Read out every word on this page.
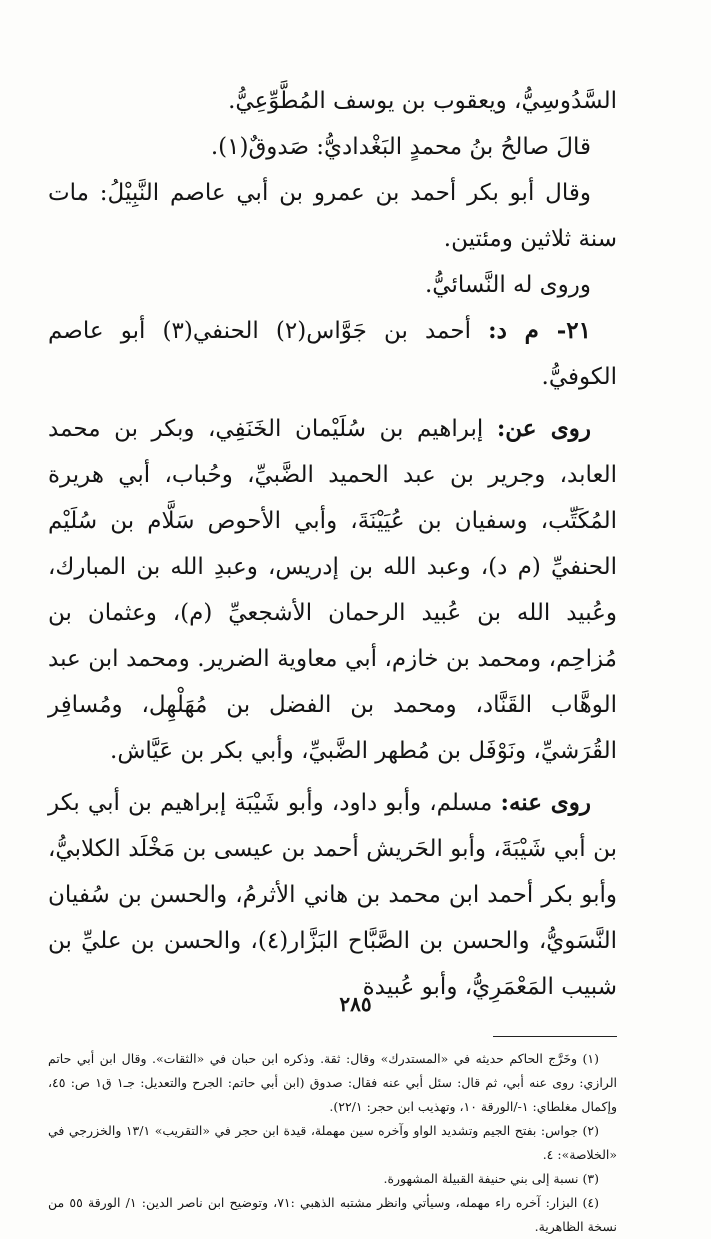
السَّدُوسِيُّ، ويعقوب بن يوسف المُطَّوِّعِيُّ.

قالَ صالحُ بنُ محمدٍ البَغْداديُّ: صَدوقٌ(١).

وقال أبو بكر أحمد بن عمرو بن أبي عاصم النَّبِيْلُ: مات سنة ثلاثين ومئتين.

وروى له النَّسائيُّ.

٢١- م د: أحمد بن جَوَّاس(٢) الحنفي(٣) أبو عاصم الكوفيُّ.

روى عن: إبراهيم بن سُلَيْمان الخَنَفِي، وبكر بن محمد العابد، وجرير بن عبد الحميد الضَّبيِّ، وحُباب، أبي هريرة المُكَتِّب، وسفيان بن عُيَيْنَةَ، وأبي الأحوص سَلَّام بن سُلَيْم الحنفيِّ (م د)، وعبد الله بن إدريس، وعبدِ الله بن المبارك، وعُبيد الله بن عُبيد الرحمان الأشجعيِّ (م)، وعثمان بن مُزاحِم، ومحمد بن خازم، أبي معاوية الضرير. ومحمد ابن عبد الوهَّاب القَنَّاد، ومحمد بن الفضل بن مُهَلْهِل، ومُسافِر القُرَشيِّ، ونَوْفَل بن مُطهر الضَّبيِّ، وأبي بكر بن عَيَّاش.

روى عنه: مسلم، وأبو داود، وأبو شَيْبَة إبراهيم بن أبي بكر بن أبي شَيْبَةَ، وأبو الحَريش أحمد بن عيسى بن مَخْلَد الكلابيُّ، وأبو بكر أحمد ابن محمد بن هاني الأثرمُ، والحسن بن سُفيان النَّسَويُّ، والحسن بن الصَّبَّاح البَزَّار(٤)، والحسن بن عليِّ بن شبيب المَعْمَرِيُّ، وأبو عُبيدة

(١) وخَرَّج الحاكم حديثه في «المستدرك» وقال: ثقة. وذكره ابن حبان في «الثقات». وقال ابن أبي حاتم الرازي: روى عنه أبي، ثم قال: سئل أبي عنه فقال: صدوق (ابن أبي حاتم: الجرح والتعديل: جـ١ ق١ ص: ٤٥، وإكمال مغلطاي: ١-/الورقة ١٠، وتهذيب ابن حجر: ٢٢/١).

(٢) جواس: بفتح الجيم وتشديد الواو وآخره سين مهملة، قيدة ابن حجر في «التقريب» ١٣/١ والخزرجي في «الخلاصة»: ٤.

(٣) نسبة إلى بني حنيفة القبيلة المشهورة.

(٤) البزار: آخره راء مهمله، وسيأتي وانظر مشتبه الذهبي :٧١، وتوضيح ابن ناصر الدين: ١/ الورقة ٥٥ من نسخة الظاهرية.

٢٨٥
